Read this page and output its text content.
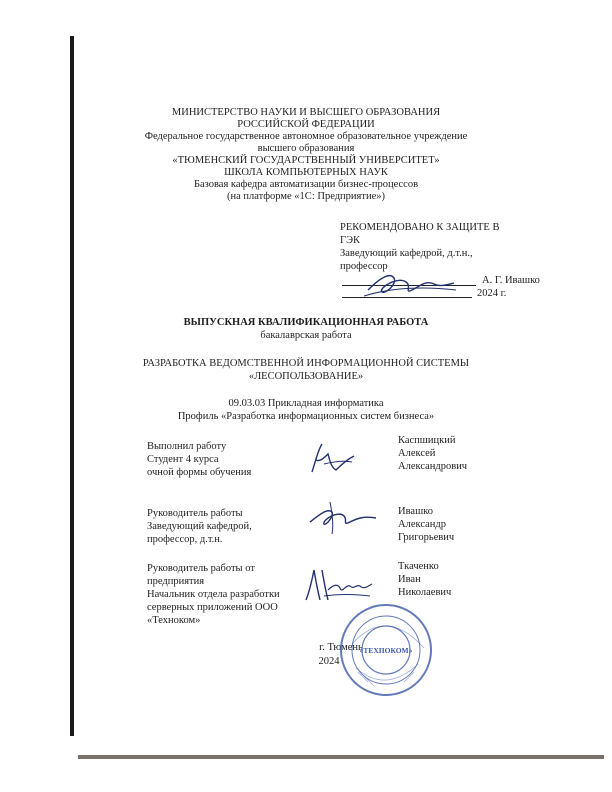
МИНИСТЕРСТВО НАУКИ И ВЫСШЕГО ОБРАЗОВАНИЯ
РОССИЙСКОЙ ФЕДЕРАЦИИ
Федеральное государственное автономное образовательное учреждение
высшего образования
«ТЮМЕНСКИЙ ГОСУДАРСТВЕННЫЙ УНИВЕРСИТЕТ»
ШКОЛА КОМПЬЮТЕРНЫХ НАУК
Базовая кафедра автоматизации бизнес-процессов
(на платформе «1С: Предприятие»)
РЕКОМЕНДОВАНО К ЗАЩИТЕ В
ГЭК
Заведующий кафедрой, д.т.н.,
профессор
А. Г. Ивашко
2024 г.
ВЫПУСКНАЯ КВАЛИФИКАЦИОННАЯ РАБОТА
бакалаврская работа
РАЗРАБОТКА ВЕДОМСТВЕННОЙ ИНФОРМАЦИОННОЙ СИСТЕМЫ
«ЛЕСОПОЛЬЗОВАНИЕ»
09.03.03 Прикладная информатика
Профиль «Разработка информационных систем бизнеса»
Выполнил работу
Студент 4 курса
очной формы обучения
Каспшицкий
Алексей
Александрович
Руководитель работы
Заведующий кафедрой,
профессор, д.т.н.
Ивашко
Александр
Григорьевич
Руководитель работы от
предприятия
Начальник отдела разработки
серверных приложений ООО
«Техноком»
Ткаченко
Иван
Николаевич
г. Тюмень
2024
«ТЕХПОКОМ»
